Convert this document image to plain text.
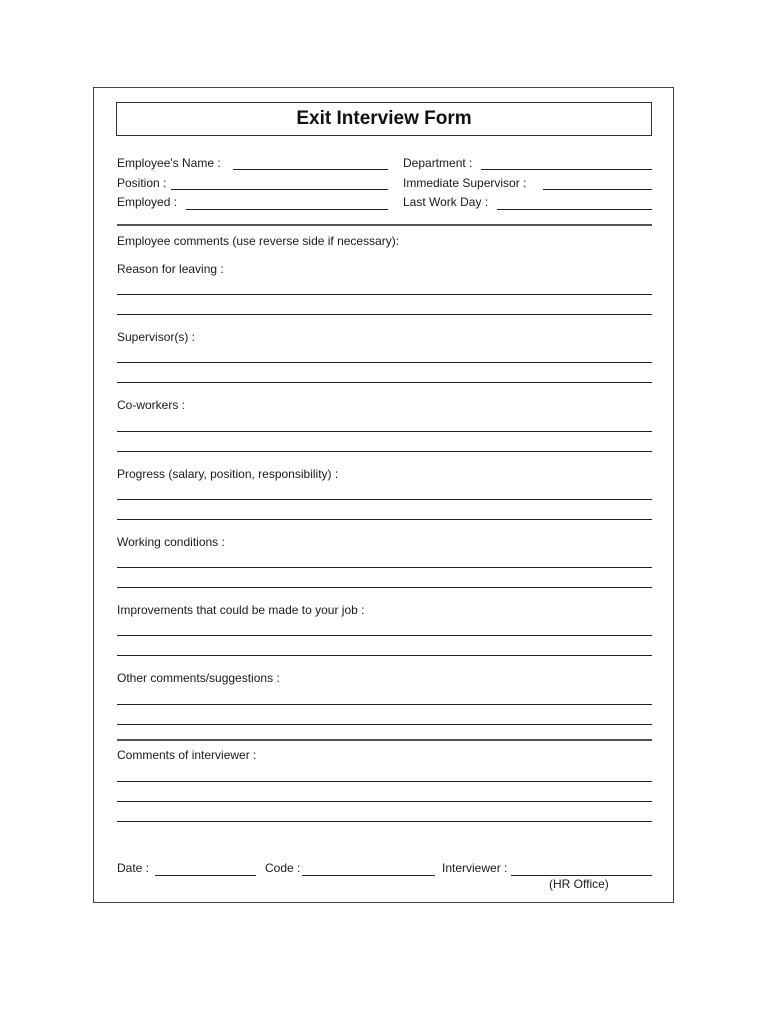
Exit Interview Form
Employee's Name :	Department :
Position :	Immediate Supervisor :
Employed :	Last Work Day :
Employee comments (use reverse side if necessary):
Reason for leaving :
Supervisor(s) :
Co-workers :
Progress (salary, position, responsibility) :
Working conditions :
Improvements that could be made to your job :
Other comments/suggestions :
Comments of interviewer :
Date :	Code :	Interviewer :
(HR Office)
